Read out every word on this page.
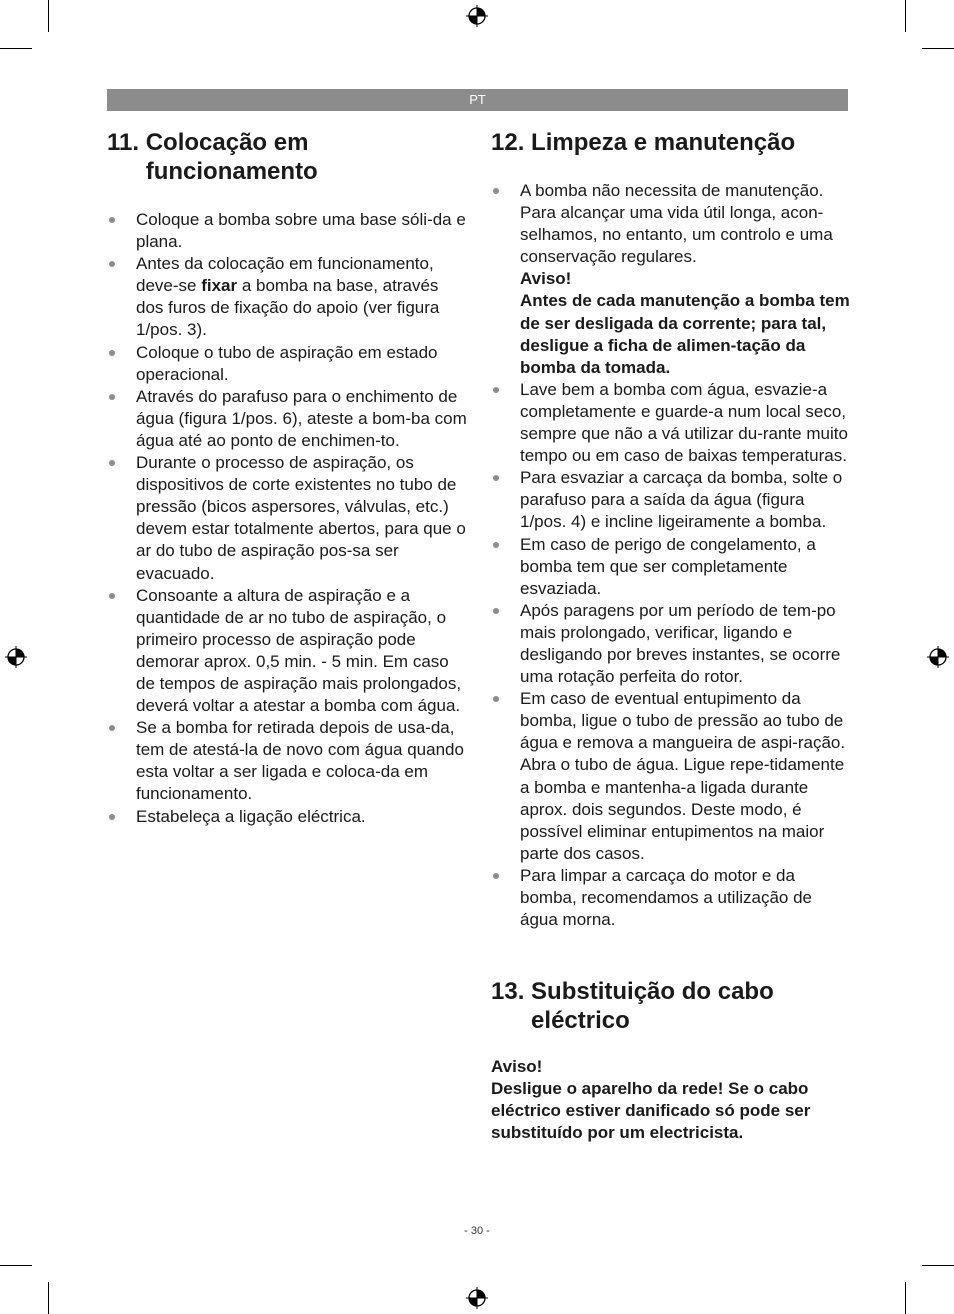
PT
11.
Colocação em funcionamento
Coloque a bomba sobre uma base sóli-da e plana.
Antes da colocação em funcionamento, deve-se fixar a bomba na base, através dos furos de fixação do apoio (ver figura 1/pos. 3).
Coloque o tubo de aspiração em estado operacional.
Através do parafuso para o enchimento de água (figura 1/pos. 6), ateste a bom-ba com água até ao ponto de enchimen-to.
Durante o processo de aspiração, os dispositivos de corte existentes no tubo de pressão (bicos aspersores, válvulas, etc.) devem estar totalmente abertos, para que o ar do tubo de aspiração pos-sa ser evacuado.
Consoante a altura de aspiração e a quantidade de ar no tubo de aspiração, o primeiro processo de aspiração pode demorar aprox. 0,5 min. - 5 min. Em caso de tempos de aspiração mais prolongados, deverá voltar a atestar a bomba com água.
Se a bomba for retirada depois de usa-da, tem de atestá-la de novo com água quando esta voltar a ser ligada e coloca-da em funcionamento.
Estabeleça a ligação eléctrica.
12.
Limpeza e manutenção
A bomba não necessita de manutenção. Para alcançar uma vida útil longa, acon-selhamos, no entanto, um controlo e uma conservação regulares.
Aviso!
Antes de cada manutenção a bomba tem de ser desligada da corrente; para tal, desligue a ficha de alimen-tação da bomba da tomada.
Lave bem a bomba com água, esvazie-a completamente e guarde-a num local seco, sempre que não a vá utilizar du-rante muito tempo ou em caso de baixas temperaturas.
Para esvaziar a carcaça da bomba, solte o parafuso para a saída da água (figura 1/pos. 4) e incline ligeiramente a bomba.
Em caso de perigo de congelamento, a bomba tem que ser completamente esvaziada.
Após paragens por um período de tem-po mais prolongado, verificar, ligando e desligando por breves instantes, se ocorre uma rotação perfeita do rotor.
Em caso de eventual entupimento da bomba, ligue o tubo de pressão ao tubo de água e remova a mangueira de aspi-ração. Abra o tubo de água. Ligue repe-tidamente a bomba e mantenha-a ligada durante aprox. dois segundos. Deste modo, é possível eliminar entupimentos na maior parte dos casos.
Para limpar a carcaça do motor e da bomba, recomendamos a utilização de água morna.
13.
Substituição do cabo eléctrico
Aviso!
Desligue o aparelho da rede! Se o cabo eléctrico estiver danificado só pode ser substituído por um electricista.
- 30 -
